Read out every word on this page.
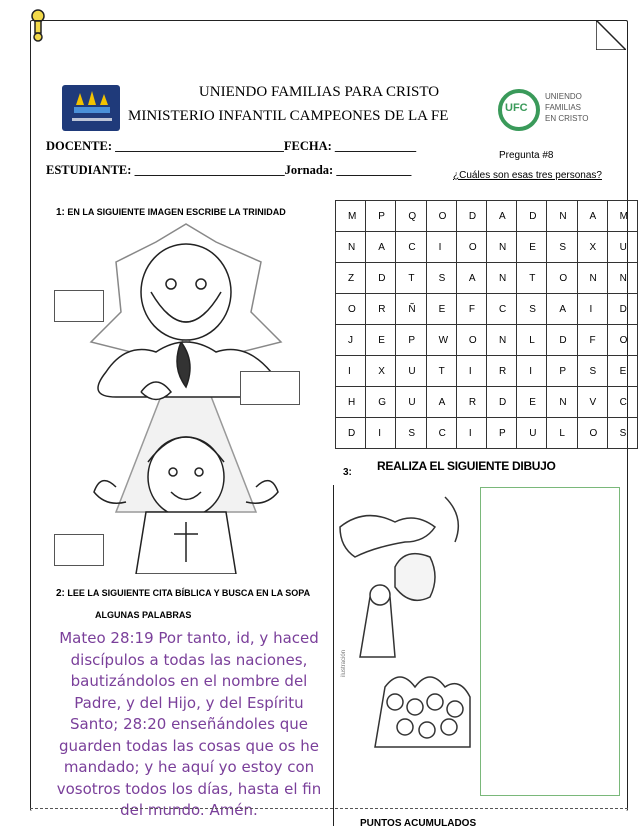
UNIENDO FAMILIAS PARA CRISTO
MINISTERIO INFANTIL CAMPEONES DE LA FE	UFC
UNIENDO
FAMILIAS
EN CRISTO
DOCENTE: ___________________________FECHA: _____________
ESTUDIANTE: ________________________Jornada: ____________
Pregunta #8
¿Cuáles son esas tres personas?
1: EN LA SIGUIENTE IMAGEN ESCRIBE LA TRINIDAD
2: LEE LA SIGUIENTE CITA BÍBLICA Y BUSCA EN LA SOPA
ALGUNAS PALABRAS
Mateo 28:19 Por tanto, id, y haced discípulos a todas las naciones, bautizándolos en el nombre del Padre, y del Hijo, y del Espíritu Santo; 28:20 enseñándoles que guarden todas las cosas que os he mandado; y he aquí yo estoy con vosotros todos los días, hasta el fin del mundo. Amén.
M	P	Q	O	D	A	D	N	A	M
N	A	C	I	O	N	E	S	X	U
Z	D	T	S	A	N	T	O	N	N
O	R	Ñ	E	F	C	S	A	I	D
J	E	P	W	O	N	L	D	F	O
I	X	U	T	I	R	I	P	S	E
H	G	U	A	R	D	E	N	V	C
D	I	S	C	I	P	U	L	O	S
3: REALIZA EL SIGUIENTE DIBUJO
ilustración
PUNTOS ACUMULADOS
